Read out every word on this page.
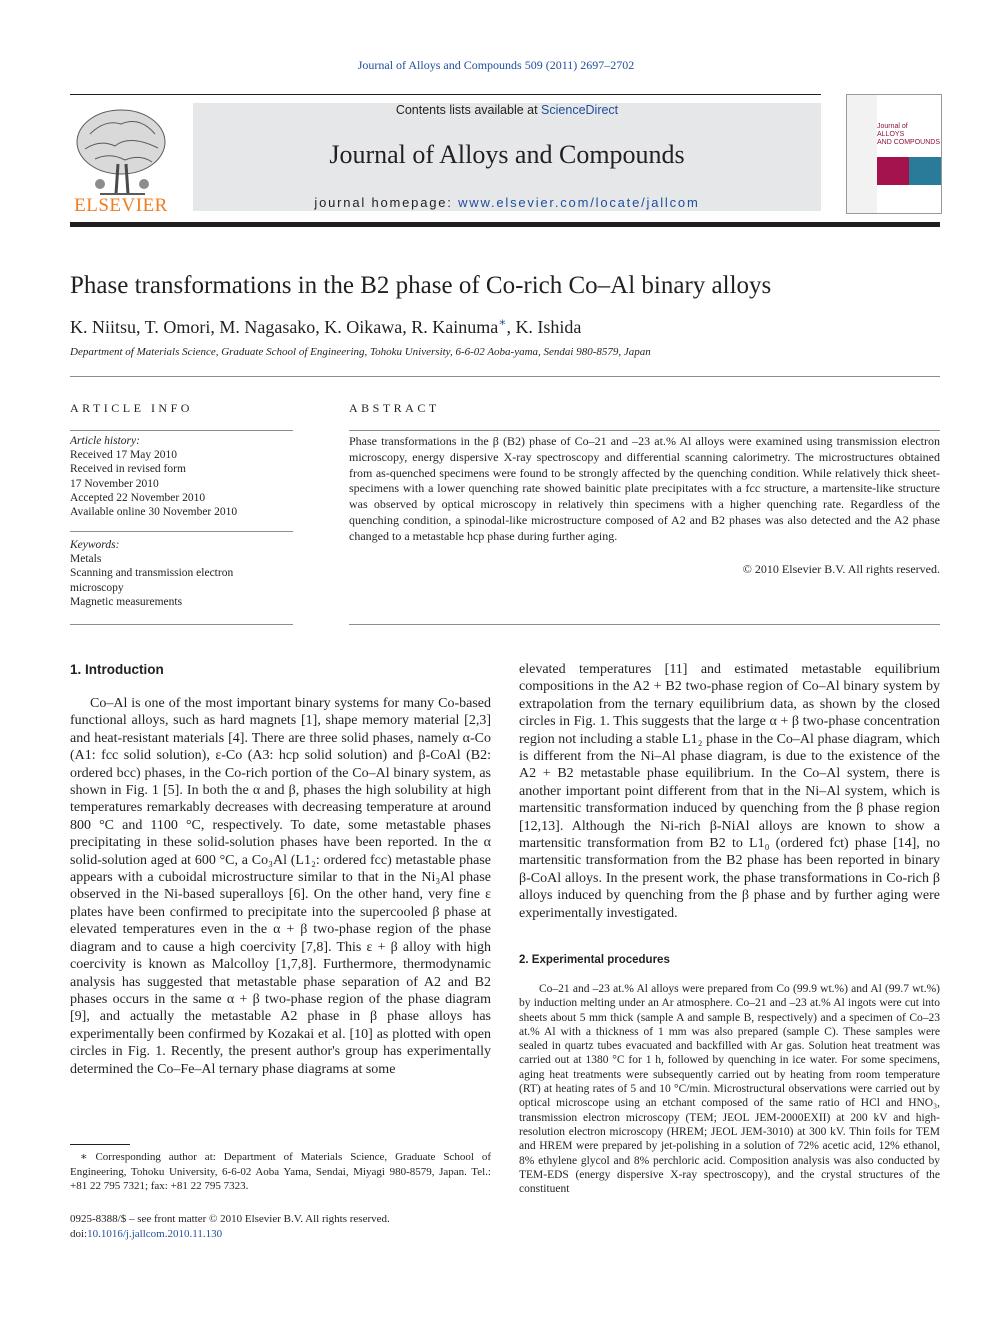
Journal of Alloys and Compounds 509 (2011) 2697–2702
ELSEVIER
Contents lists available at ScienceDirect
Journal of Alloys and Compounds
journal homepage: www.elsevier.com/locate/jallcom
Journal of
ALLOYS
AND COMPOUNDS
Phase transformations in the B2 phase of Co-rich Co–Al binary alloys
K. Niitsu, T. Omori, M. Nagasako, K. Oikawa, R. Kainuma∗, K. Ishida
Department of Materials Science, Graduate School of Engineering, Tohoku University, 6-6-02 Aoba-yama, Sendai 980-8579, Japan
ARTICLE INFO
Article history:
Received 17 May 2010
Received in revised form
17 November 2010
Accepted 22 November 2010
Available online 30 November 2010
Keywords:
Metals
Scanning and transmission electron
microscopy
Magnetic measurements
ABSTRACT
Phase transformations in the β (B2) phase of Co–21 and –23 at.% Al alloys were examined using transmission electron microscopy, energy dispersive X-ray spectroscopy and differential scanning calorimetry. The microstructures obtained from as-quenched specimens were found to be strongly affected by the quenching condition. While relatively thick sheet-specimens with a lower quenching rate showed bainitic plate precipitates with a fcc structure, a martensite-like structure was observed by optical microscopy in relatively thin specimens with a higher quenching rate. Regardless of the quenching condition, a spinodal-like microstructure composed of A2 and B2 phases was also detected and the A2 phase changed to a metastable hcp phase during further aging.
© 2010 Elsevier B.V. All rights reserved.
1. Introduction

Co–Al is one of the most important binary systems for many Co-based functional alloys, such as hard magnets [1], shape memory material [2,3] and heat-resistant materials [4]. There are three solid phases, namely α-Co (A1: fcc solid solution), ε-Co (A3: hcp solid solution) and β-CoAl (B2: ordered bcc) phases, in the Co-rich portion of the Co–Al binary system, as shown in Fig. 1 [5]. In both the α and β, phases the high solubility at high temperatures remarkably decreases with decreasing temperature at around 800 °C and 1100 °C, respectively. To date, some metastable phases precipitating in these solid-solution phases have been reported. In the α solid-solution aged at 600 °C, a Co₃Al (L1₂: ordered fcc) metastable phase appears with a cuboidal microstructure similar to that in the Ni₃Al phase observed in the Ni-based superalloys [6]. On the other hand, very fine ε plates have been confirmed to precipitate into the supercooled β phase at elevated temperatures even in the α + β two-phase region of the phase diagram and to cause a high coercivity [7,8]. This ε + β alloy with high coercivity is known as Malcolloy [1,7,8]. Furthermore, thermodynamic analysis has suggested that metastable phase separation of A2 and B2 phases occurs in the same α + β two-phase region of the phase diagram [9], and actually the metastable A2 phase in β phase alloys has experimentally been confirmed by Kozakai et al. [10] as plotted with open circles in Fig. 1. Recently, the present author's group has experimentally determined the Co–Fe–Al ternary phase diagrams at some

elevated temperatures [11] and estimated metastable equilibrium compositions in the A2 + B2 two-phase region of Co–Al binary system by extrapolation from the ternary equilibrium data, as shown by the closed circles in Fig. 1. This suggests that the large α + β two-phase concentration region not including a stable L1₂ phase in the Co–Al phase diagram, which is different from the Ni–Al phase diagram, is due to the existence of the A2 + B2 metastable phase equilibrium. In the Co–Al system, there is another important point different from that in the Ni–Al system, which is martensitic transformation induced by quenching from the β phase region [12,13]. Although the Ni-rich β-NiAl alloys are known to show a martensitic transformation from B2 to L1₀ (ordered fct) phase [14], no martensitic transformation from the B2 phase has been reported in binary β-CoAl alloys. In the present work, the phase transformations in Co-rich β alloys induced by quenching from the β phase and by further aging were experimentally investigated.

2. Experimental procedures
Co–21 and –23 at.% Al alloys were prepared from Co (99.9 wt.%) and Al (99.7 wt.%) by induction melting under an Ar atmosphere. Co–21 and –23 at.% Al ingots were cut into sheets about 5 mm thick (sample A and sample B, respectively) and a specimen of Co–23 at.% Al with a thickness of 1 mm was also prepared (sample C). These samples were sealed in quartz tubes evacuated and backfilled with Ar gas. Solution heat treatment was carried out at 1380 °C for 1 h, followed by quenching in ice water. For some specimens, aging heat treatments were subsequently carried out by heating from room temperature (RT) at heating rates of 5 and 10 °C/min. Microstructural observations were carried out by optical microscope using an etchant composed of the same ratio of HCl and HNO₃, transmission electron microscopy (TEM; JEOL JEM-2000EXII) at 200 kV and high-resolution electron microscopy (HREM; JEOL JEM-3010) at 300 kV. Thin foils for TEM and HREM were prepared by jet-polishing in a solution of 72% acetic acid, 12% ethanol, 8% ethylene glycol and 8% perchloric acid. Composition analysis was also conducted by TEM-EDS (energy dispersive X-ray spectroscopy), and the crystal structures of the constituent
∗ Corresponding author at: Department of Materials Science, Graduate School of Engineering, Tohoku University, 6-6-02 Aoba Yama, Sendai, Miyagi 980-8579, Japan. Tel.: +81 22 795 7321; fax: +81 22 795 7323.
0925-8388/$ – see front matter © 2010 Elsevier B.V. All rights reserved.
doi:10.1016/j.jallcom.2010.11.130
